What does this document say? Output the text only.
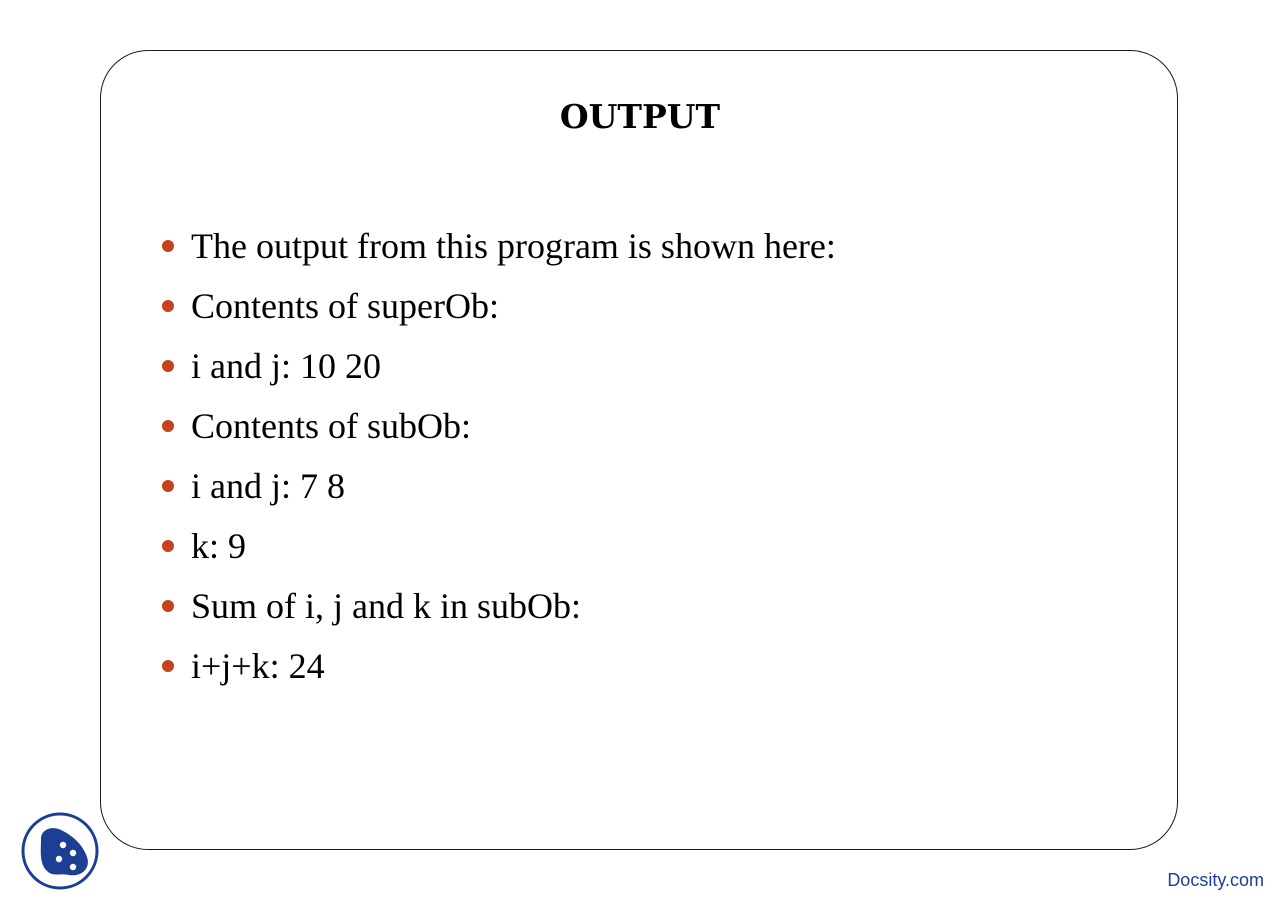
OUTPUT
The output from this program is shown here:
Contents of superOb:
i and j: 10 20
Contents of subOb:
i and j: 7 8
k: 9
Sum of i, j and k in subOb:
i+j+k: 24
Docsity.com
